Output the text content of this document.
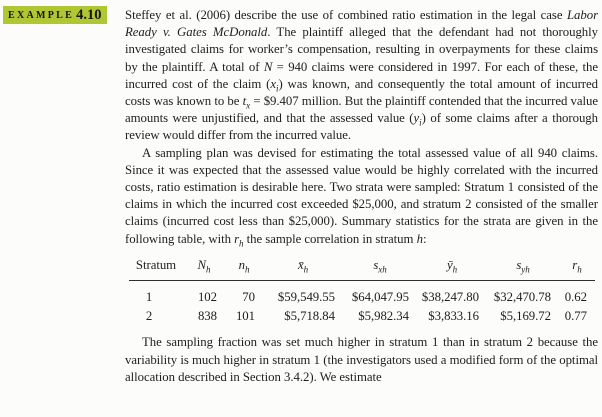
EXAMPLE 4.10 Steffey et al. (2006) describe the use of combined ratio estimation in the legal case Labor Ready v. Gates McDonald. The plaintiff alleged that the defendant had not thoroughly investigated claims for worker’s compensation, resulting in overpayments for these claims by the plaintiff. A total of N = 940 claims were considered in 1997. For each of these, the incurred cost of the claim $(x_i)$ was known, and consequently the total amount of incurred costs was known to be $t_x$ = $9.407 million. But the plaintiff contended that the incurred value amounts were unjustified, and that the assessed value $(y_i)$ of some claims after a thorough review would differ from the incurred value.

A sampling plan was devised for estimating the total assessed value of all 940 claims. Since it was expected that the assessed value would be highly correlated with the incurred costs, ratio estimation is desirable here. Two strata were sampled: Stratum 1 consisted of the claims in which the incurred cost exceeded $25,000, and stratum 2 consisted of the smaller claims (incurred cost less than $25,000). Summary statistics for the strata are given in the following table, with $r_h$ the sample correlation in stratum h:

Stratum	$N_h$	$n_h$	$x̄_h$	$s_{xh}$	$ȳ_h$	$s_{yh}$	$r_h$
1	102	70	$59,549.55	$64,047.95	$38,247.80	$32,470.78	0.62
2	838	101	$5,718.84	$5,982.34	$3,833.16	$5,169.72	0.77

The sampling fraction was set much higher in stratum 1 than in stratum 2 because the variability is much higher in stratum 1 (the investigators used a modified form of the optimal allocation described in Section 3.4.2). We estimate
